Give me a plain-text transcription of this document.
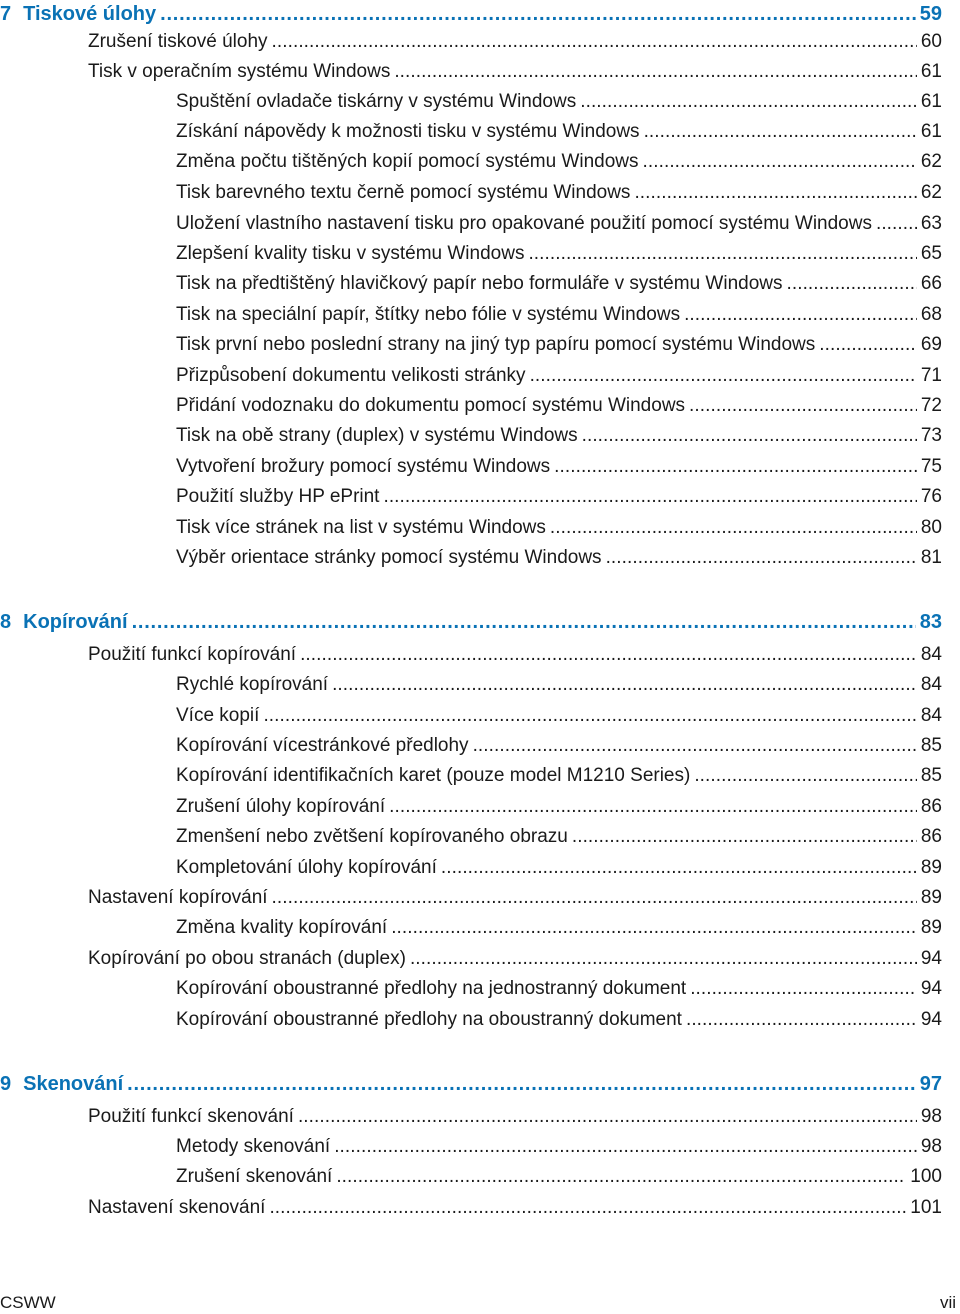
7 Tiskové úlohy . . .	59
Zrušení tiskové úlohy . . .	60
Tisk v operačním systému Windows . . .	61
Spuštění ovladače tiskárny v systému Windows . . .	61
Získání nápovědy k možnosti tisku v systému Windows . . .	61
Změna počtu tištěných kopií pomocí systému Windows . . .	62
Tisk barevného textu černě pomocí systému Windows . . .	62
Uložení vlastního nastavení tisku pro opakované použití pomocí systému Windows . . .	63
Zlepšení kvality tisku v systému Windows . . .	65
Tisk na předtištěný hlavičkový papír nebo formuláře v systému Windows . . .	66
Tisk na speciální papír, štítky nebo fólie v systému Windows . . .	68
Tisk první nebo poslední strany na jiný typ papíru pomocí systému Windows . . .	69
Přizpůsobení dokumentu velikosti stránky . . .	71
Přidání vodoznaku do dokumentu pomocí systému Windows . . .	72
Tisk na obě strany (duplex) v systému Windows . . .	73
Vytvoření brožury pomocí systému Windows . . .	75
Použití služby HP ePrint . . .	76
Tisk více stránek na list v systému Windows . . .	80
Výběr orientace stránky pomocí systému Windows . . .	81
8 Kopírování . . .	83
Použití funkcí kopírování . . .	84
Rychlé kopírování . . .	84
Více kopií . . .	84
Kopírování vícestránkové předlohy . . .	85
Kopírování identifikačních karet (pouze model M1210 Series) . . .	85
Zrušení úlohy kopírování . . .	86
Zmenšení nebo zvětšení kopírovaného obrazu . . .	86
Kompletování úlohy kopírování . . .	89
Nastavení kopírování . . .	89
Změna kvality kopírování . . .	89
Kopírování po obou stranách (duplex) . . .	94
Kopírování oboustranné předlohy na jednostranný dokument . . .	94
Kopírování oboustranné předlohy na oboustranný dokument . . .	94
9 Skenování . . .	97
Použití funkcí skenování . . .	98
Metody skenování . . .	98
Zrušení skenování . . .	100
Nastavení skenování . . .	101
CSWW	vii
